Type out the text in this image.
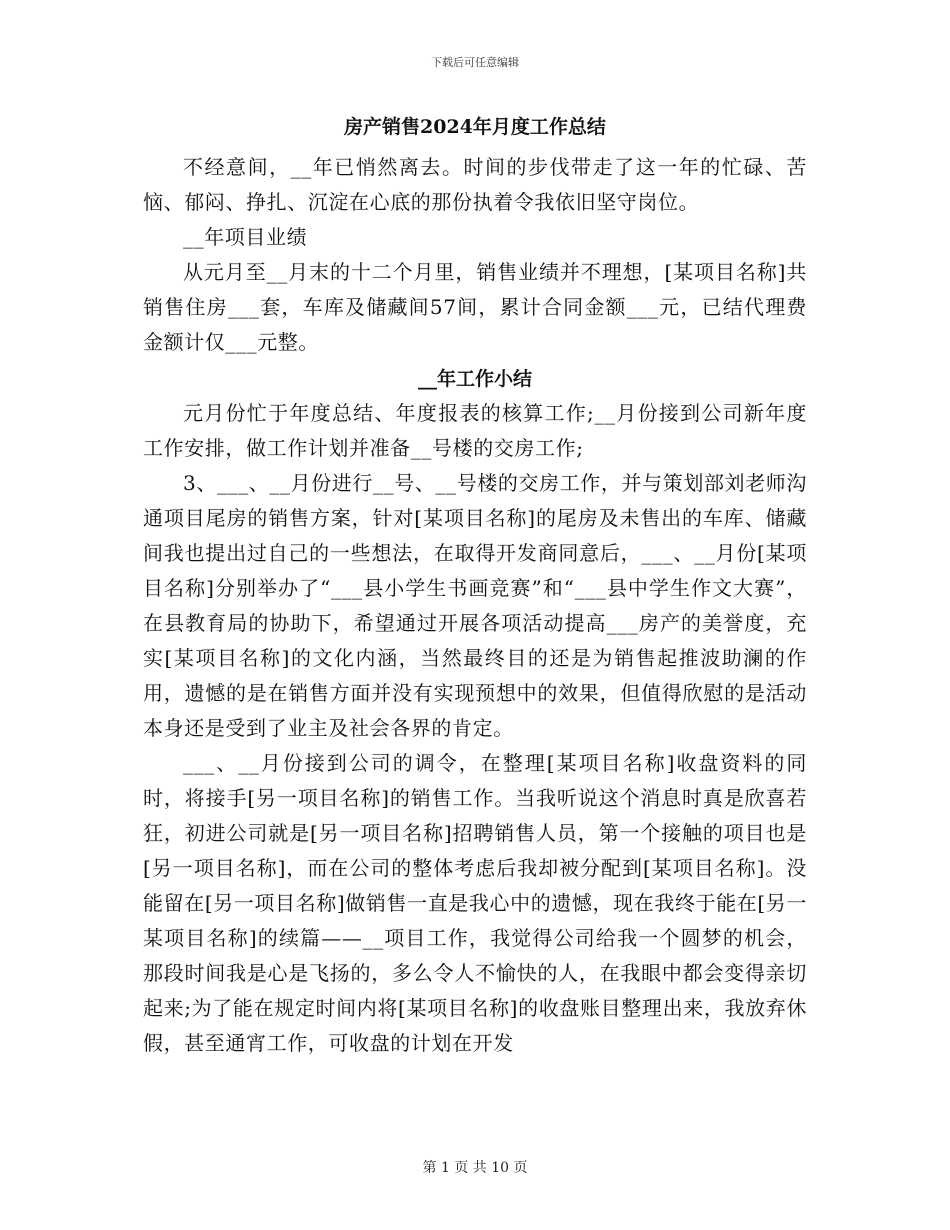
下载后可任意编辑
房产销售2024年月度工作总结

不经意间，__年已悄然离去。时间的步伐带走了这一年的忙碌、苦恼、郁闷、挣扎、沉淀在心底的那份执着令我依旧坚守岗位。

__年项目业绩

从元月至__月末的十二个月里，销售业绩并不理想，[某项目名称]共销售住房___套，车库及储藏间57间，累计合同金额___元，已结代理费金额计仅___元整。

__年工作小结

元月份忙于年度总结、年度报表的核算工作;__月份接到公司新年度工作安排，做工作计划并准备__号楼的交房工作;

3、___、__月份进行__号、__号楼的交房工作，并与策划部刘老师沟通项目尾房的销售方案，针对[某项目名称]的尾房及未售出的车库、储藏间我也提出过自己的一些想法，在取得开发商同意后，___、__月份[某项目名称]分别举办了“___县小学生书画竞赛”和“___县中学生作文大赛”，在县教育局的协助下，希望通过开展各项活动提高___房产的美誉度，充实[某项目名称]的文化内涵，当然最终目的还是为销售起推波助澜的作用，遗憾的是在销售方面并没有实现预想中的效果，但值得欣慰的是活动本身还是受到了业主及社会各界的肯定。

___、__月份接到公司的调令，在整理[某项目名称]收盘资料的同时，将接手[另一项目名称]的销售工作。当我听说这个消息时真是欣喜若狂，初进公司就是[另一项目名称]招聘销售人员，第一个接触的项目也是[另一项目名称]，而在公司的整体考虑后我却被分配到[某项目名称]。没能留在[另一项目名称]做销售一直是我心中的遗憾，现在我终于能在[另一某项目名称]的续篇——__项目工作，我觉得公司给我一个圆梦的机会，那段时间我是心是飞扬的，多么令人不愉快的人，在我眼中都会变得亲切起来;为了能在规定时间内将[某项目名称]的收盘账目整理出来，我放弃休假，甚至通宵工作，可收盘的计划在开发

第 1 页 共 10 页
